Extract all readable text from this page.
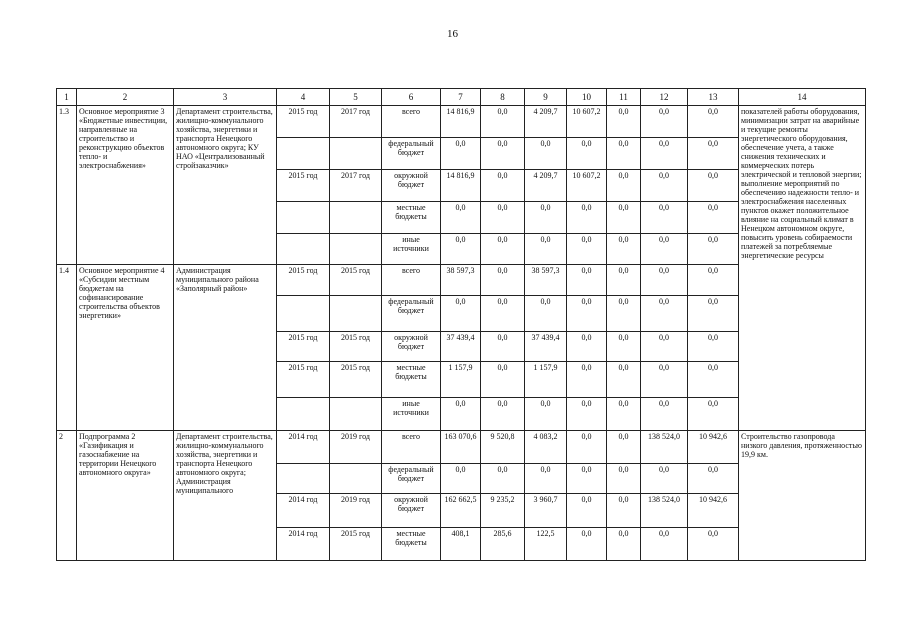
16
1	2	3	4	5	6	7	8	9	10	11	12	13	14
1.3	Основное мероприятие 3 «Бюджетные инвестиции, направленные на строительство и реконструкцию объектов тепло- и электроснабжения»	Департамент строительства, жилищно-коммунального хозяйства, энергетики и транспорта Ненецкого автономного округа; КУ НАО «Централизованный стройзаказчик»	2015 год	2017 год	всего	14 816,9	0,0	4 209,7	10 607,2	0,0	0,0	0,0	показателей работы оборудования, минимизации затрат на аварийные и текущие ремонты энергетического оборудования, обеспечение учета, а также снижения технических и коммерческих потерь электрической и тепловой энергии; выполнение мероприятий по обеспечению надежности тепло- и электроснабжения населенных пунктов окажет положительное влияние на социальный климат в Ненецком автономном округе, повысить уровень собираемости платежей за потребляемые энергетические ресурсы
					федеральный бюджет	0,0	0,0	0,0	0,0	0,0	0,0	0,0	
			2015 год	2017 год	окружной бюджет	14 816,9	0,0	4 209,7	10 607,2	0,0	0,0	0,0	
					местные бюджеты	0,0	0,0	0,0	0,0	0,0	0,0	0,0	
					иные источники	0,0	0,0	0,0	0,0	0,0	0,0	0,0	
1.4	Основное мероприятие 4 «Субсидии местным бюджетам на софинансирование строительства объектов энергетики»	Администрация муниципального района «Заполярный район»	2015 год	2015 год	всего	38 597,3	0,0	38 597,3	0,0	0,0	0,0	0,0	
					федеральный бюджет	0,0	0,0	0,0	0,0	0,0	0,0	0,0	
			2015 год	2015 год	окружной бюджет	37 439,4	0,0	37 439,4	0,0	0,0	0,0	0,0	
			2015 год	2015 год	местные бюджеты	1 157,9	0,0	1 157,9	0,0	0,0	0,0	0,0	
					иные источники	0,0	0,0	0,0	0,0	0,0	0,0	0,0	
2	Подпрограмма 2 «Газификация и газоснабжение на территории Ненецкого автономного округа»	Департамент строительства, жилищно-коммунального хозяйства, энергетики и транспорта Ненецкого автономного округа; Администрация муниципального	2014 год	2019 год	всего	163 070,6	9 520,8	4 083,2	0,0	0,0	138 524,0	10 942,6	Строительство газопровода низкого давления, протяженностью 19,9 км.
					федеральный бюджет	0,0	0,0	0,0	0,0	0,0	0,0	0,0	
			2014 год	2019 год	окружной бюджет	162 662,5	9 235,2	3 960,7	0,0	0,0	138 524,0	10 942,6	
			2014 год	2015 год	местные бюджеты	408,1	285,6	122,5	0,0	0,0	0,0	0,0	
